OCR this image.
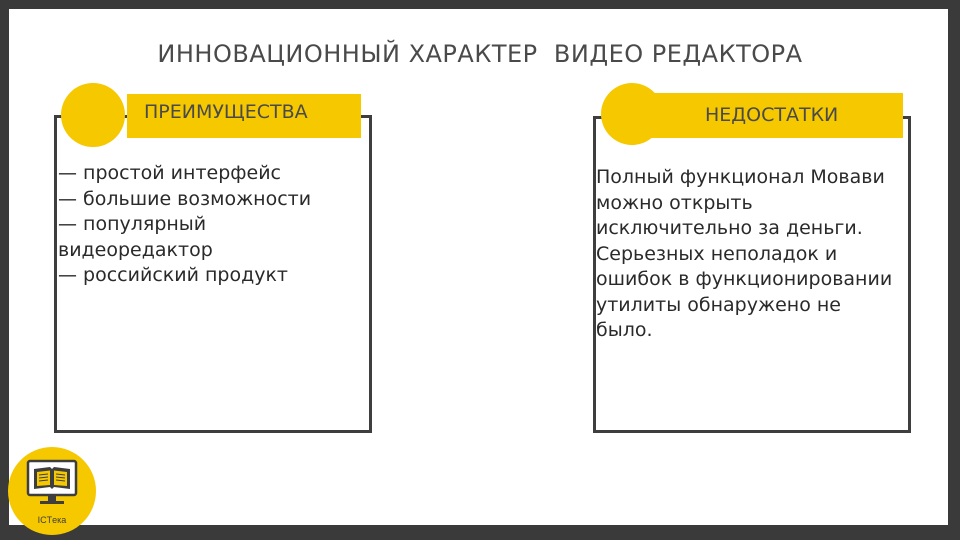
ИННОВАЦИОННЫЙ ХАРАКТЕР  ВИДЕО РЕДАКТОРА
ПРЕИМУЩЕСТВА
— простой интерфейс
— большие возможности
— популярный видеоредактор
— российский продукт
НЕДОСТАТКИ
Полный функционал Мовави можно открыть исключительно за деньги. Серьезных неполадок и ошибок в функционировании утилиты обнаружено не было.
ICTека
